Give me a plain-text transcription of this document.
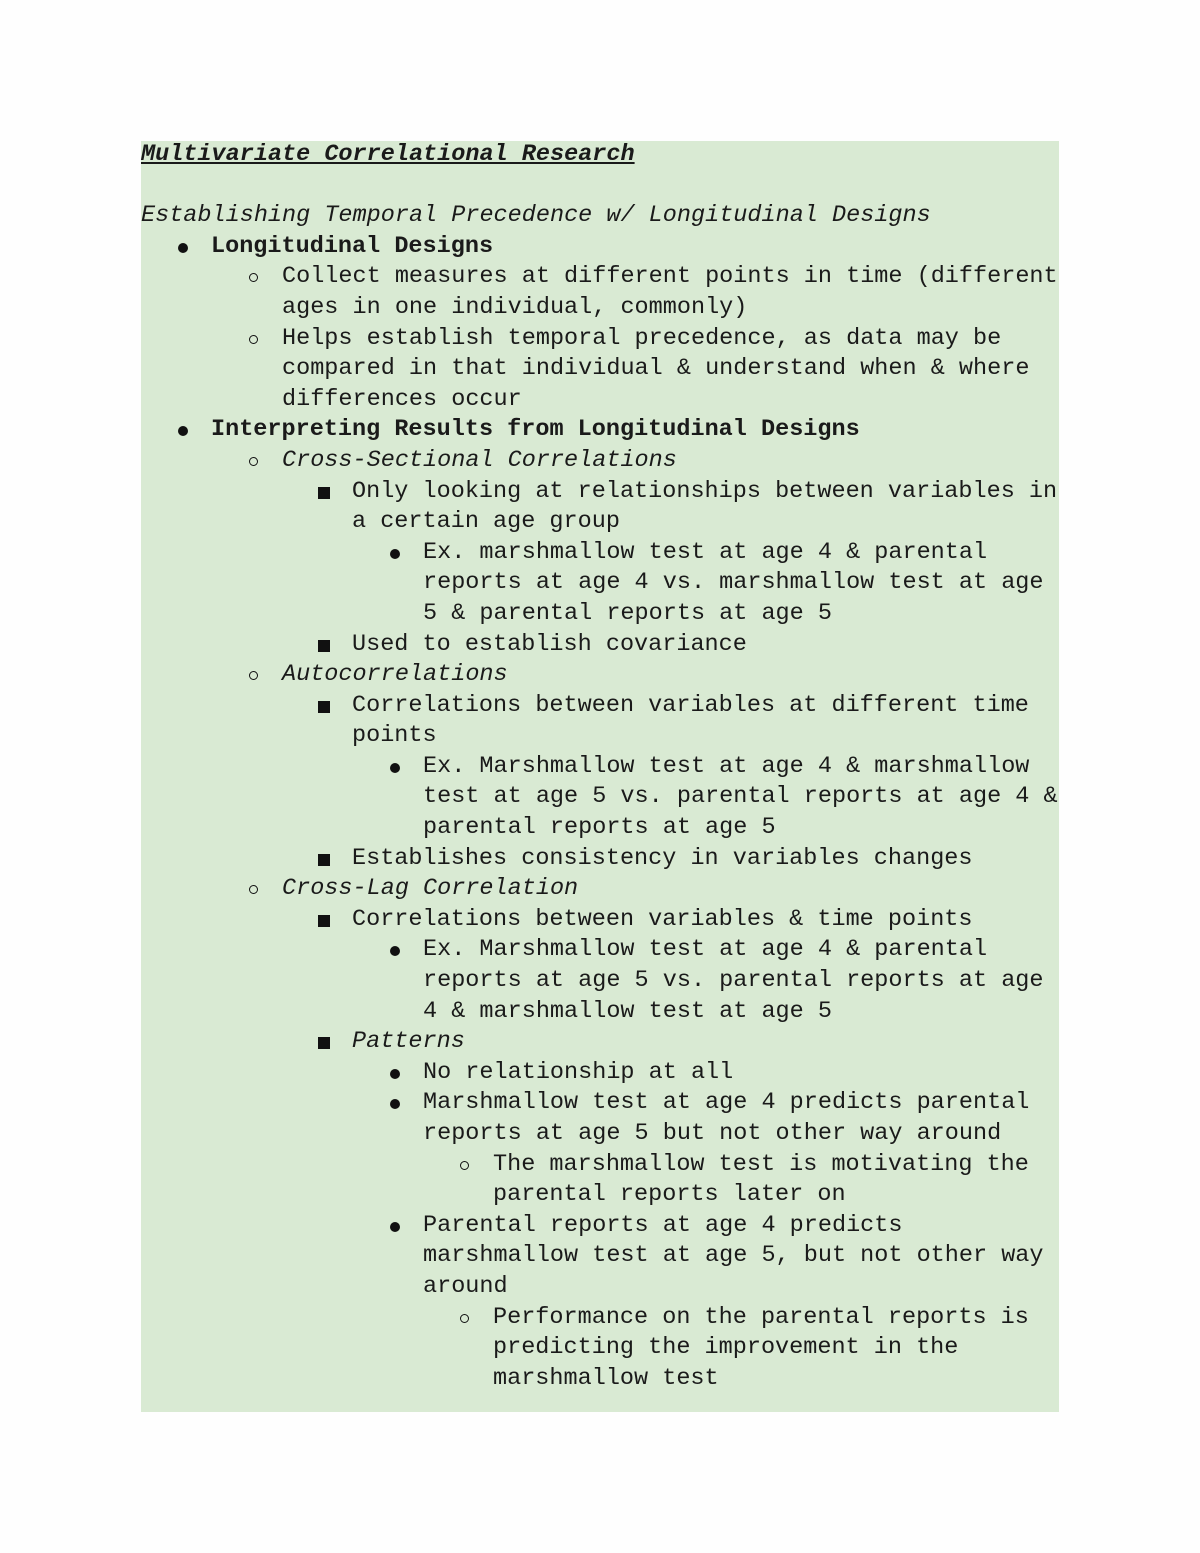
Multivariate Correlational Research

Establishing Temporal Precedence w/ Longitudinal Designs

Longitudinal Designs
Collect measures at different points in time (different ages in one individual, commonly)
Helps establish temporal precedence, as data may be compared in that individual & understand when & where differences occur
Interpreting Results from Longitudinal Designs
Cross-Sectional Correlations
Only looking at relationships between variables in a certain age group
Ex. marshmallow test at age 4 & parental reports at age 4 vs. marshmallow test at age 5 & parental reports at age 5
Used to establish covariance
Autocorrelations
Correlations between variables at different time points
Ex. Marshmallow test at age 4 & marshmallow test at age 5 vs. parental reports at age 4 & parental reports at age 5
Establishes consistency in variables changes
Cross-Lag Correlation
Correlations between variables & time points
Ex. Marshmallow test at age 4 & parental reports at age 5 vs. parental reports at age 4 & marshmallow test at age 5
Patterns
No relationship at all
Marshmallow test at age 4 predicts parental reports at age 5 but not other way around
The marshmallow test is motivating the parental reports later on
Parental reports at age 4 predicts marshmallow test at age 5, but not other way around
Performance on the parental reports is predicting the improvement in the marshmallow test
